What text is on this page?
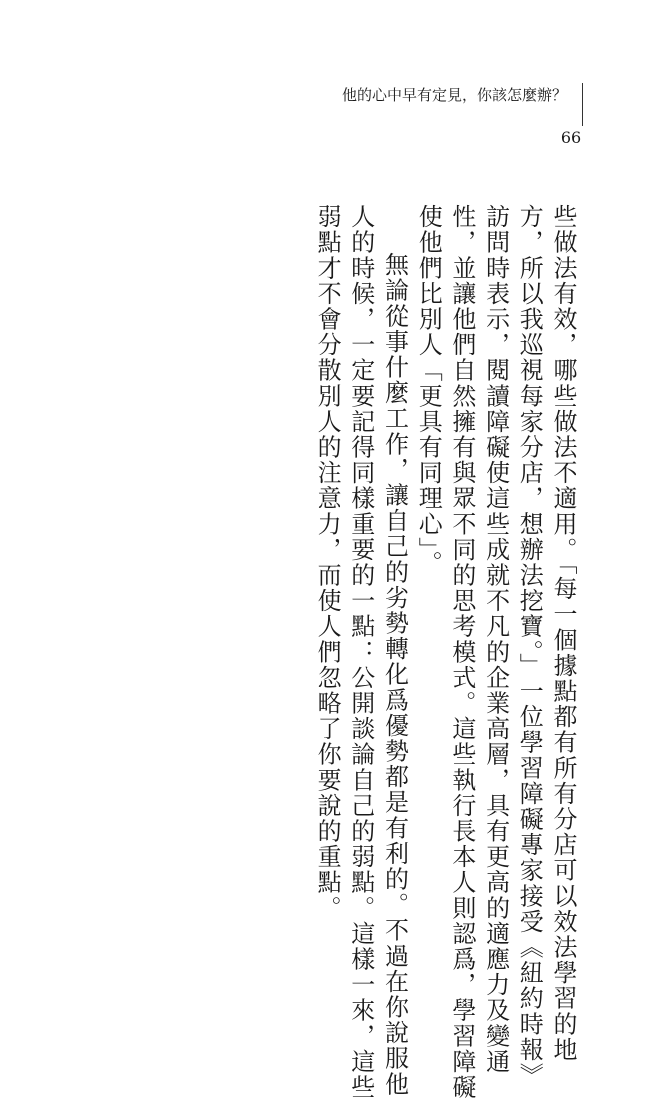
他的心中早有定見，你該怎麼辦？
66

些做法有效，哪些做法不適用。「每一個據點都有所有分店可以效法學習的地

方，所以我巡視每家分店，想辦法挖寶。」一位學習障礙專家接受《紐約時報》

訪問時表示，閱讀障礙使這些成就不凡的企業高層，具有更高的適應力及變通

性，並讓他們自然擁有與眾不同的思考模式。這些執行長本人則認爲，學習障礙

使他們比別人「更具有同理心」。

無論從事什麼工作，讓自己的劣勢轉化爲優勢都是有利的。不過在你說服他

人的時候，一定要記得同樣重要的一點：公開談論自己的弱點。這樣一來，這些

弱點才不會分散別人的注意力，而使人們忽略了你要說的重點。
